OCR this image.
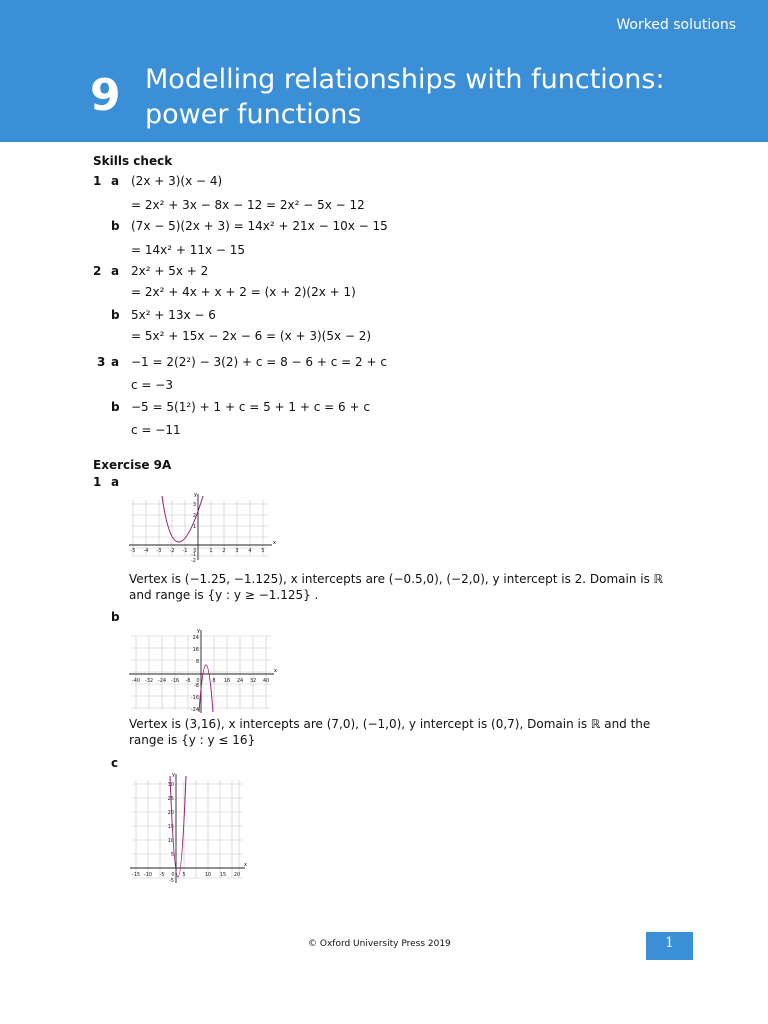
Worked solutions
9 Modelling relationships with functions:
power functions
Skills check
1 a (2x + 3)(x − 4)
= 2x² + 3x − 8x − 12 = 2x² − 5x − 12
b (7x − 5)(2x + 3) = 14x² + 21x − 10x − 15
= 14x² + 11x − 15
2 a 2x² + 5x + 2
= 2x² + 4x + x + 2 = (x + 2)(2x + 1)
b 5x² + 13x − 6
= 5x² + 15x − 2x − 6 = (x + 3)(5x − 2)
3 a −1 = 2(2²) − 3(2) + c = 8 − 6 + c = 2 + c
c = −3
b −5 = 5(1²) + 1 + c = 5 + 1 + c = 6 + c
c = −11
Exercise 9A
1 a
x
y
-5 -4 -3 -2 -1 0	1 2 3 4 5
3
2
1
-1
-2
Vertex is (−1.25, −1.125), x intercepts are (−0.5,0), (−2,0), y intercept is 2. Domain is ℝ
and range is {y : y ≥ −1.125} .
b
x
y
-40 -32 -24 -16 -8 0	8 16 24 32 40
24
16
8
-8
-16
-24
Vertex is (3,16), x intercepts are (7,0), (−1,0), y intercept is (0,7), Domain is ℝ and the
range is {y : y ≤ 16}
c
x
y
-15 -10 -5 0 5	10 15 20
30
25
20
15
10
5
-5
© Oxford University Press 2019	1
